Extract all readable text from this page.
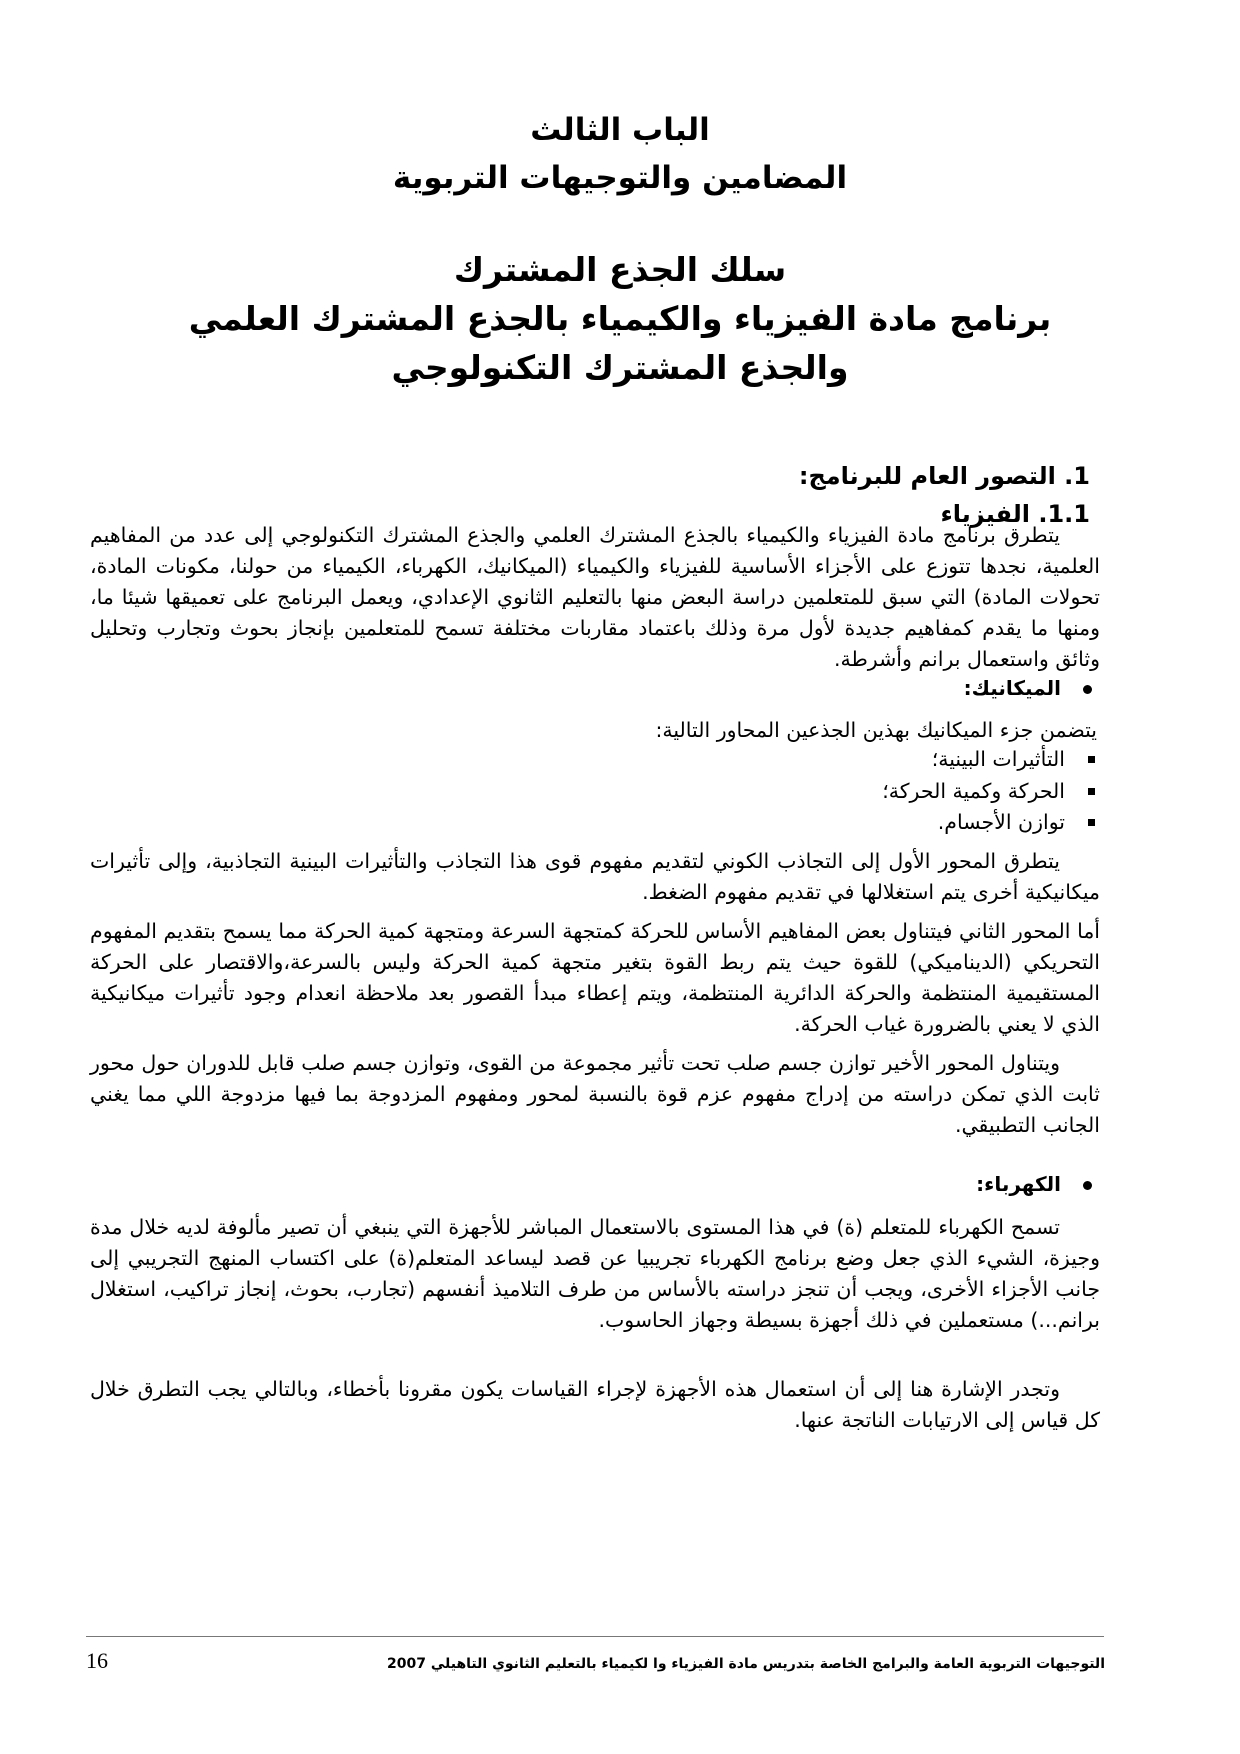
الباب الثالث
المضامين والتوجيهات التربوية
سلك الجذع المشترك
برنامج مادة الفيزياء والكيمياء بالجذع المشترك العلمي
والجذع المشترك التكنولوجي
1. التصور العام للبرنامج:
1.1. الفيزياء

يتطرق برنامج مادة الفيزياء والكيمياء بالجذع المشترك العلمي والجذع المشترك التكنولوجي إلى عدد من المفاهيم العلمية، نجدها تتوزع على الأجزاء الأساسية للفيزياء والكيمياء (الميكانيك، الكهرباء، الكيمياء من حولنا، مكونات المادة، تحولات المادة) التي سبق للمتعلمين دراسة البعض منها بالتعليم الثانوي الإعدادي، ويعمل البرنامج على تعميقها شيئا ما، ومنها ما يقدم كمفاهيم جديدة لأول مرة وذلك باعتماد مقاربات مختلفة تسمح للمتعلمين بإنجاز بحوث وتجارب وتحليل وثائق واستعمال برانم وأشرطة.

الميكانيك:
يتضمن جزء الميكانيك بهذين الجذعين المحاور التالية:
التأثيرات البينية؛
الحركة وكمية الحركة؛
توازن الأجسام.

يتطرق المحور الأول إلى التجاذب الكوني لتقديم مفهوم قوى هذا التجاذب والتأثيرات البينية التجاذبية، وإلى تأثيرات ميكانيكية أخرى يتم استغلالها في تقديم مفهوم الضغط.

أما المحور الثاني فيتناول بعض المفاهيم الأساس للحركة كمتجهة السرعة ومتجهة كمية الحركة مما يسمح بتقديم المفهوم التحريكي (الديناميكي) للقوة حيث يتم ربط القوة بتغير متجهة كمية الحركة وليس بالسرعة،والاقتصار على الحركة المستقيمية المنتظمة والحركة الدائرية المنتظمة، ويتم إعطاء مبدأ القصور بعد ملاحظة انعدام وجود تأثيرات ميكانيكية الذي لا يعني بالضرورة غياب الحركة.

ويتناول المحور الأخير توازن جسم صلب تحت تأثير مجموعة من القوى، وتوازن جسم صلب قابل للدوران حول محور ثابت الذي تمكن دراسته من إدراج مفهوم عزم قوة بالنسبة لمحور ومفهوم المزدوجة بما فيها مزدوجة اللي مما يغني الجانب التطبيقي.

الكهرباء:

تسمح الكهرباء للمتعلم (ة) في هذا المستوى بالاستعمال المباشر للأجهزة التي ينبغي أن تصير مألوفة لديه خلال مدة وجيزة، الشيء الذي جعل وضع برنامج الكهرباء تجريبيا عن قصد ليساعد المتعلم(ة) على اكتساب المنهج التجريبي إلى جانب الأجزاء الأخرى، ويجب أن تنجز دراسته بالأساس من طرف التلاميذ أنفسهم (تجارب، بحوث، إنجاز تراكيب، استغلال برانم...) مستعملين في ذلك أجهزة بسيطة وجهاز الحاسوب.

وتجدر الإشارة هنا إلى أن استعمال هذه الأجهزة لإجراء القياسات يكون مقرونا بأخطاء، وبالتالي يجب التطرق خلال كل قياس إلى الارتيابات الناتجة عنها.

16	التوجيهات التربوية العامة والبرامج الخاصة بتدريس مادة الفيزياء وا لكيمياء بالتعليم الثانوي التاهيلي 2007
